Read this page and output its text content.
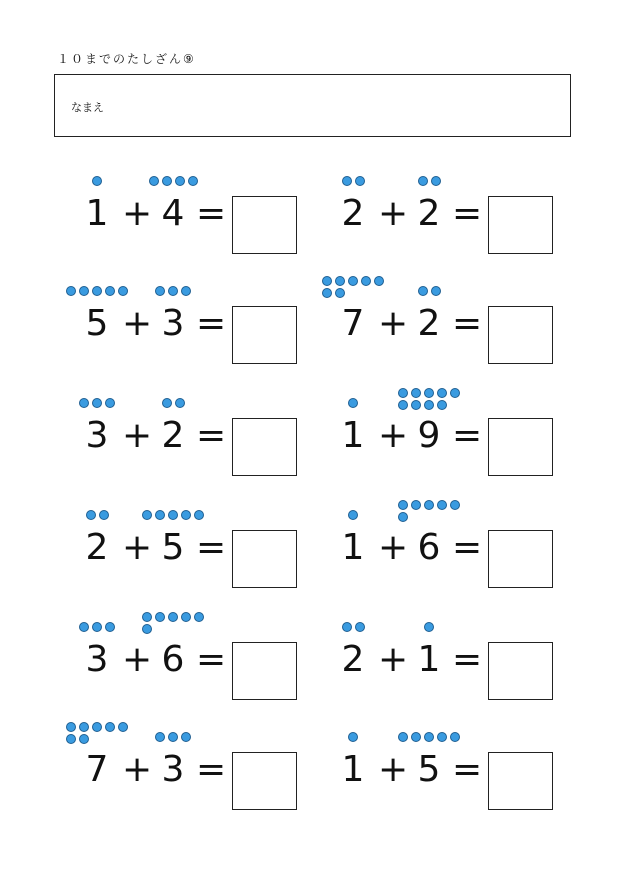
１０までのたしざん⑨
なまえ
1 + 4 =	2 + 2 =
5 + 3 =	7 + 2 =
3 + 2 =	1 + 9 =
2 + 5 =	1 + 6 =
3 + 6 =	2 + 1 =
7 + 3 =	1 + 5 =
